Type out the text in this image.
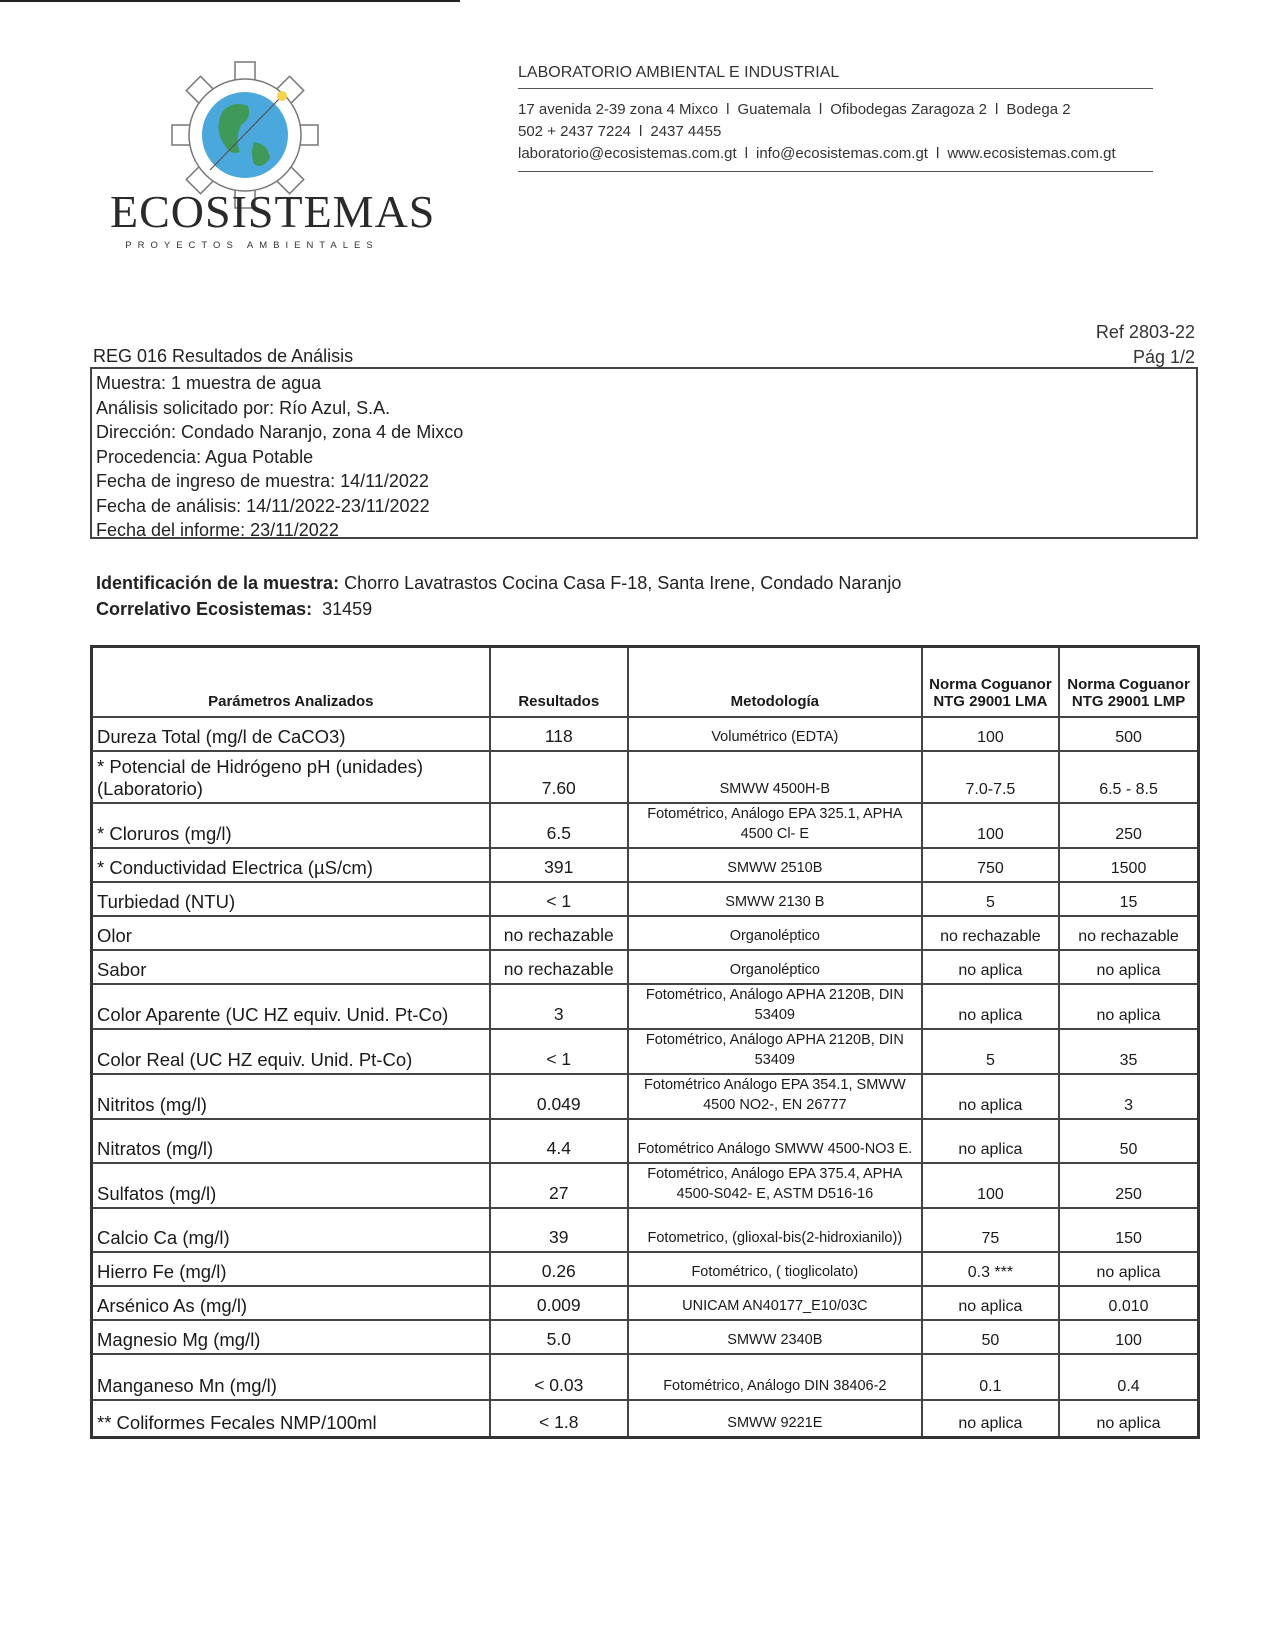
ECOSISTEMAS
PROYECTOS AMBIENTALES
LABORATORIO AMBIENTAL E INDUSTRIAL
17 avenida 2-39 zona 4 Mixco l Guatemala l Ofibodegas Zaragoza 2 l Bodega 2
502 + 2437 7224 l 2437 4455
laboratorio@ecosistemas.com.gt l info@ecosistemas.com.gt l www.ecosistemas.com.gt
Ref 2803-22
Pág 1/2
REG 016 Resultados de Análisis
Muestra: 1 muestra de agua
Análisis solicitado por: Río Azul, S.A.
Dirección: Condado Naranjo, zona 4 de Mixco
Procedencia: Agua Potable
Fecha de ingreso de muestra: 14/11/2022
Fecha de análisis: 14/11/2022-23/11/2022
Fecha del informe: 23/11/2022
Identificación de la muestra: Chorro Lavatrastos Cocina Casa F-18, Santa Irene, Condado Naranjo
Correlativo Ecosistemas: 31459
Parámetros Analizados	Resultados	Metodología	Norma Coguanor NTG 29001 LMA	Norma Coguanor NTG 29001 LMP
Dureza Total (mg/l de CaCO3)	118	Volumétrico (EDTA)	100	500
* Potencial de Hidrógeno pH (unidades) (Laboratorio)	7.60	SMWW 4500H-B	7.0-7.5	6.5 - 8.5
* Cloruros (mg/l)	6.5	Fotométrico, Análogo EPA 325.1, APHA 4500 Cl- E	100	250
* Conductividad Electrica (µS/cm)	391	SMWW 2510B	750	1500
Turbiedad (NTU)	< 1	SMWW 2130 B	5	15
Olor	no rechazable	Organoléptico	no rechazable	no rechazable
Sabor	no rechazable	Organoléptico	no aplica	no aplica
Color Aparente (UC HZ equiv. Unid. Pt-Co)	3	Fotométrico, Análogo APHA 2120B, DIN 53409	no aplica	no aplica
Color Real (UC HZ equiv. Unid. Pt-Co)	< 1	Fotométrico, Análogo APHA 2120B, DIN 53409	5	35
Nitritos (mg/l)	0.049	Fotométrico Análogo EPA 354.1, SMWW 4500 NO2-, EN 26777	no aplica	3
Nitratos (mg/l)	4.4	Fotométrico Análogo SMWW 4500-NO3 E.	no aplica	50
Sulfatos (mg/l)	27	Fotométrico, Análogo EPA 375.4, APHA 4500-S042- E, ASTM D516-16	100	250
Calcio Ca (mg/l)	39	Fotometrico, (glioxal-bis(2-hidroxianilo))	75	150
Hierro Fe (mg/l)	0.26	Fotométrico, ( tioglicolato)	0.3 ***	no aplica
Arsénico As (mg/l)	0.009	UNICAM AN40177_E10/03C	no aplica	0.010
Magnesio Mg (mg/l)	5.0	SMWW 2340B	50	100
Manganeso Mn (mg/l)	< 0.03	Fotométrico, Análogo DIN 38406-2	0.1	0.4
** Coliformes Fecales NMP/100ml	< 1.8	SMWW 9221E	no aplica	no aplica
